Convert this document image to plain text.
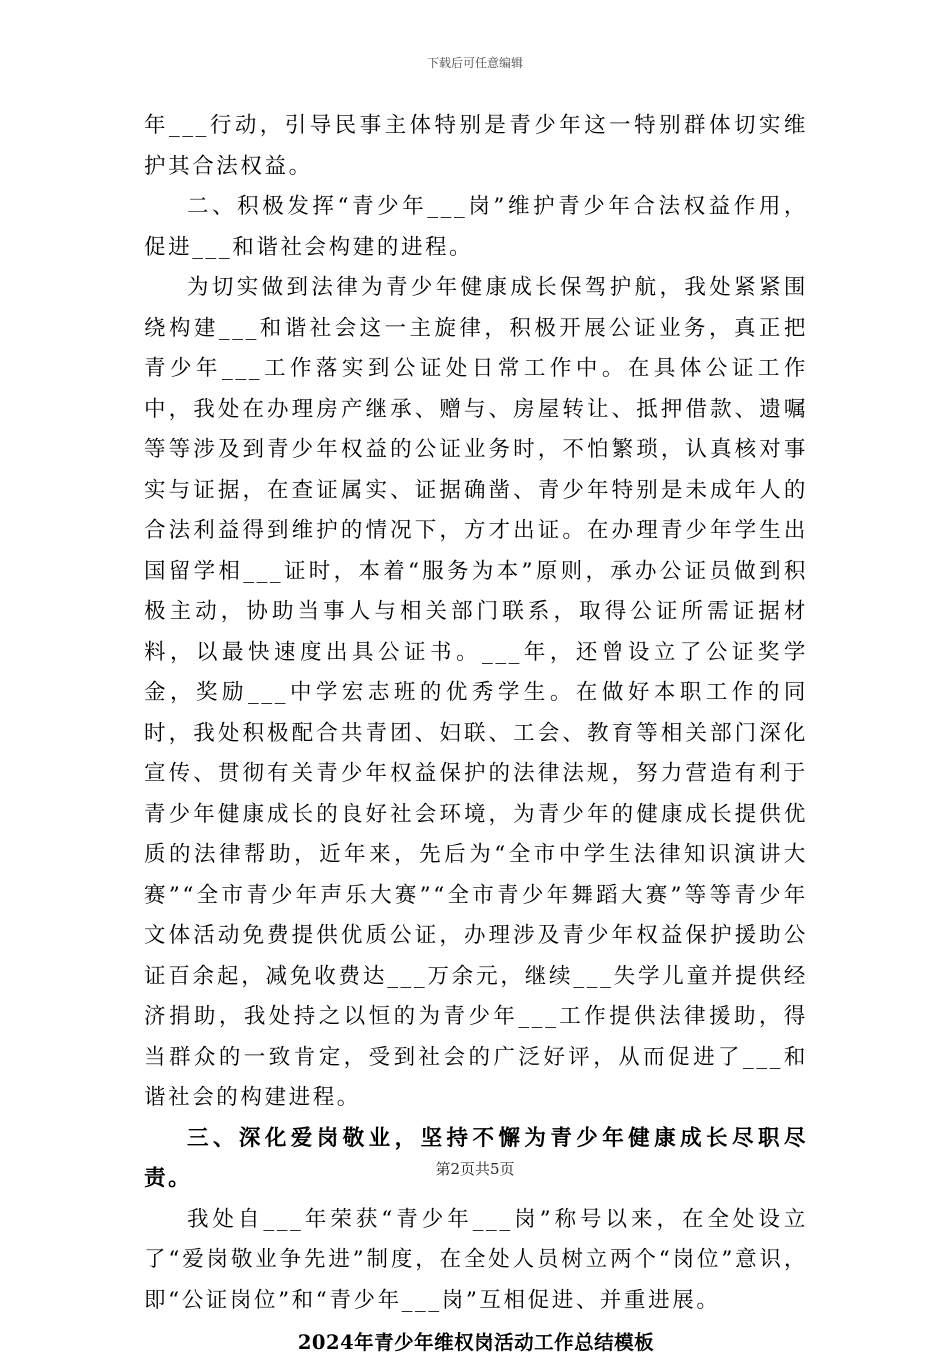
下载后可任意编辑

年___行动，引导民事主体特别是青少年这一特别群体切实维护其合法权益。

二、积极发挥“青少年___岗”维护青少年合法权益作用，促进___和谐社会构建的进程。

为切实做到法律为青少年健康成长保驾护航，我处紧紧围绕构建___和谐社会这一主旋律，积极开展公证业务，真正把青少年___工作落实到公证处日常工作中。在具体公证工作中，我处在办理房产继承、赠与、房屋转让、抵押借款、遗嘱等等涉及到青少年权益的公证业务时，不怕繁琐，认真核对事实与证据，在查证属实、证据确凿、青少年特别是未成年人的合法利益得到维护的情况下，方才出证。在办理青少年学生出国留学相___证时，本着“服务为本”原则，承办公证员做到积极主动，协助当事人与相关部门联系，取得公证所需证据材料，以最快速度出具公证书。___年，还曾设立了公证奖学金，奖励___中学宏志班的优秀学生。在做好本职工作的同时，我处积极配合共青团、妇联、工会、教育等相关部门深化宣传、贯彻有关青少年权益保护的法律法规，努力营造有利于青少年健康成长的良好社会环境，为青少年的健康成长提供优质的法律帮助，近年来，先后为“全市中学生法律知识演讲大赛”“全市青少年声乐大赛”“全市青少年舞蹈大赛”等等青少年文体活动免费提供优质公证，办理涉及青少年权益保护援助公证百余起，减免收费达___万余元，继续___失学儿童并提供经济捐助，我处持之以恒的为青少年___工作提供法律援助，得当群众的一致肯定，受到社会的广泛好评，从而促进了___和谐社会的构建进程。

三、深化爱岗敬业，坚持不懈为青少年健康成长尽职尽责。

我处自___年荣获“青少年___岗”称号以来，在全处设立了“爱岗敬业争先进”制度，在全处人员树立两个“岗位”意识，即“公证岗位”和“青少年___岗”互相促进、并重进展。

2024年青少年维权岗活动工作总结模板
第2页共5页
